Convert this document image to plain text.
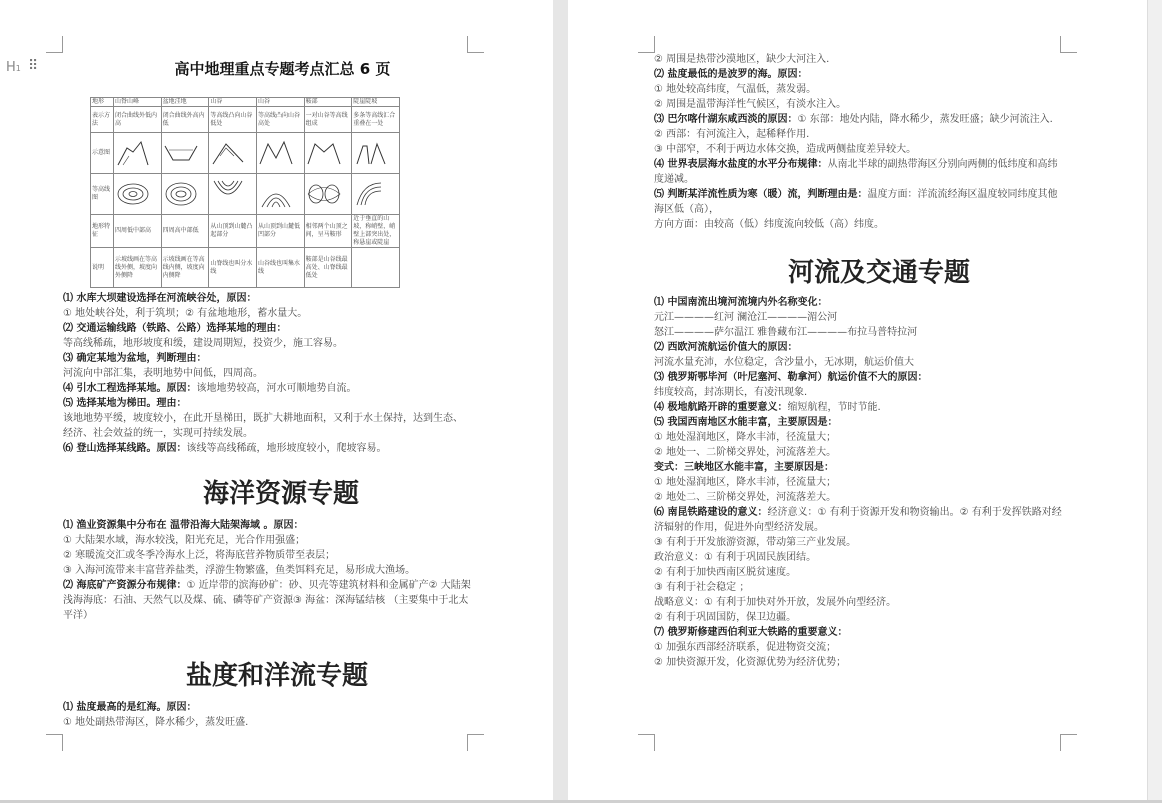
H1 ⠿	高中地理重点专题考点汇总 6 页
地形	山脊山峰	盆地洼地	山谷	山谷	鞍部	陡崖陡坡
表示方法	闭合曲线外低内高	闭合曲线外高内低	等高线凸向山谷低处	等高线凸向山谷高处	一对山谷等高线组成	多条等高线汇合重叠在一处
示意图	

等高线图	

地形特征	四周低中部高	四周高中部低	从山顶到山麓凸起部分	从山顶到山麓低凹部分	相邻两个山顶之间，呈马鞍形	近于垂直的山坡，称峭壁，峭壁上部突出处，称悬崖或陡崖
说明	示坡线画在等高线外侧，坡度向外侧降	示坡线画在等高线内侧，坡度向内侧降	山脊线也叫分水线	山谷线也叫集水线	鞍部是山谷线最高处、山脊线最低处	

⑴ 水库大坝建设选择在河流峡谷处，原因：

① 地处峡谷处，利于筑坝；② 有盆地地形，蓄水量大。

⑵ 交通运输线路（铁路、公路）选择某地的理由：

等高线稀疏，地形坡度和缓，建设周期短，投资少，施工容易。

⑶ 确定某地为盆地，判断理由：

河流向中部汇集，表明地势中间低，四周高。

⑷ 引水工程选择某地。原因：该地地势较高，河水可顺地势自流。

⑸ 选择某地为梯田。理由：

该地地势平缓，坡度较小，在此开垦梯田，既扩大耕地面积，又利于水土保持，达到生态、经济、社会效益的统一，实现可持续发展。

⑹ 登山选择某线路。原因：该线等高线稀疏，地形坡度较小，爬坡容易。

海洋资源专题

⑴ 渔业资源集中分布在 温带沿海大陆架海域 。原因：

① 大陆架水域，海水较浅，阳光充足，光合作用强盛；

② 寒暖流交汇或冬季冷海水上泛，将海底营养物质带至表层；

③ 入海河流带来丰富营养盐类，浮游生物繁盛，鱼类饵料充足，易形成大渔场。

⑵ 海底矿产资源分布规律：① 近岸带的滨海砂矿：砂、贝壳等建筑材料和金属矿产② 大陆架浅海海底：石油、天然气以及煤、硫、磷等矿产资源③ 海盆：深海锰结核 （主要集中于北太平洋）

盐度和洋流专题

⑴ 盐度最高的是红海。原因：

① 地处副热带海区，降水稀少，蒸发旺盛.

② 周围是热带沙漠地区，缺少大河注入.

⑵ 盐度最低的是波罗的海。原因：

① 地处较高纬度，气温低，蒸发弱。

② 周围是温带海洋性气候区，有淡水注入。

⑶ 巴尔喀什湖东咸西淡的原因：① 东部：地处内陆，降水稀少，蒸发旺盛；缺少河流注入.

② 西部：有河流注入，起稀释作用.

③ 中部窄，不利于两边水体交换，造成两侧盐度差异较大。

⑷ 世界表层海水盐度的水平分布规律：从南北半球的副热带海区分别向两侧的低纬度和高纬度递减。

⑸ 判断某洋流性质为寒（暖）流，判断理由是：温度方面：洋流流经海区温度较同纬度其他海区低（高），

方向方面：由较高（低）纬度流向较低（高）纬度。

河流及交通专题

⑴ 中国南流出境河流境内外名称变化：

元江————红河 澜沧江————湄公河

怒江————萨尔温江 雅鲁藏布江————布拉马普特拉河

⑵ 西欧河流航运价值大的原因：

河流水量充沛，水位稳定，含沙量小，无冰期，航运价值大

⑶ 俄罗斯鄂毕河（叶尼塞河、勒拿河）航运价值不大的原因：

纬度较高，封冻期长，有凌汛现象.

⑷ 极地航路开辟的重要意义：缩短航程，节时节能.

⑸ 我国西南地区水能丰富，主要原因是：

① 地处湿润地区，降水丰沛，径流量大；

② 地处一、二阶梯交界处，河流落差大。

变式：三峡地区水能丰富，主要原因是：

① 地处湿润地区，降水丰沛，径流量大；

② 地处二、三阶梯交界处，河流落差大。

⑹ 南昆铁路建设的意义：经济意义：① 有利于资源开发和物资输出。② 有利于发挥铁路对经济辐射的作用，促进外向型经济发展。

③ 有利于开发旅游资源，带动第三产业发展。

政治意义：① 有利于巩固民族团结。

② 有利于加快西南区脱贫速度。

③ 有利于社会稳定 ；

战略意义：① 有利于加快对外开放，发展外向型经济。

② 有利于巩固国防，保卫边疆。

⑺ 俄罗斯修建西伯利亚大铁路的重要意义：

① 加强东西部经济联系，促进物资交流；

② 加快资源开发，化资源优势为经济优势；
